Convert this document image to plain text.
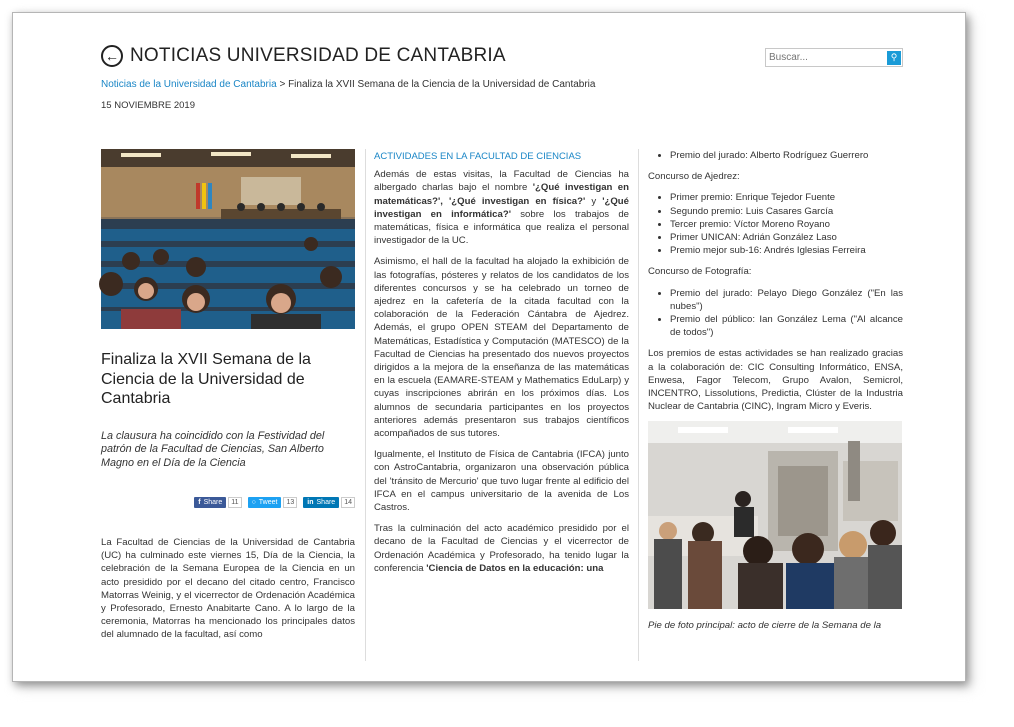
← NOTICIAS UNIVERSIDAD DE CANTABRIA
Buscar...	⚲
Noticias de la Universidad de Cantabria > Finaliza la XVII Semana de la Ciencia de la Universidad de Cantabria
15 NOVIEMBRE 2019
Finaliza la XVII Semana de la Ciencia de la Universidad de Cantabria
La clausura ha coincidido con la Festividad del patrón de la Facultad de Ciencias, San Alberto Magno en el Día de la Ciencia
f Share	11	○ Tweet	13	in Share	14
La Facultad de Ciencias de la Universidad de Cantabria (UC) ha culminado este viernes 15, Día de la Ciencia, la celebración de la Semana Europea de la Ciencia en un acto presidido por el decano del citado centro, Francisco Matorras Weinig, y el vicerrector de Ordenación Académica y Profesorado, Ernesto Anabitarte Cano. A lo largo de la ceremonia, Matorras ha mencionado los principales datos del alumnado de la facultad, así como
ACTIVIDADES EN LA FACULTAD DE CIENCIAS

Además de estas visitas, la Facultad de Ciencias ha albergado charlas bajo el nombre '¿Qué investigan en matemáticas?', '¿Qué investigan en física?' y '¿Qué investigan en informática?' sobre los trabajos de matemáticas, física e informática que realiza el personal investigador de la UC.

Asimismo, el hall de la facultad ha alojado la exhibición de las fotografías, pósteres y relatos de los candidatos de los diferentes concursos y se ha celebrado un torneo de ajedrez en la cafetería de la citada facultad con la colaboración de la Federación Cántabra de Ajedrez. Además, el grupo OPEN STEAM del Departamento de Matemáticas, Estadística y Computación (MATESCO) de la Facultad de Ciencias ha presentado dos nuevos proyectos dirigidos a la mejora de la enseñanza de las matemáticas en la escuela (EAMARE-STEAM y Mathematics EduLarp) y cuyas inscripciones abrirán en los próximos días. Los alumnos de secundaria participantes en los proyectos anteriores además presentaron sus trabajos científicos acompañados de sus tutores.

Igualmente, el Instituto de Física de Cantabria (IFCA) junto con AstroCantabria, organizaron una observación pública del 'tránsito de Mercurio' que tuvo lugar frente al edificio del IFCA en el campus universitario de la avenida de Los Castros.

Tras la culminación del acto académico presidido por el decano de la Facultad de Ciencias y el vicerrector de Ordenación Académica y Profesorado, ha tenido lugar la conferencia 'Ciencia de Datos en la educación: una

• Premio del jurado: Alberto Rodríguez Guerrero

Concurso de Ajedrez:

• Primer premio: Enrique Tejedor Fuente
• Segundo premio: Luis Casares García
• Tercer premio: Víctor Moreno Royano
• Primer UNICAN: Adrián González Laso
• Premio mejor sub-16: Andrés Iglesias Ferreira

Concurso de Fotografía:

• Premio del jurado: Pelayo Diego González ("En las nubes")
• Premio del público: Ian González Lema ("Al alcance de todos")

Los premios de estas actividades se han realizado gracias a la colaboración de: CIC Consulting Informático, ENSA, Enwesa, Fagor Telecom, Grupo Avalon, Semicrol, INCENTRO, Lissolutions, Predictia, Clúster de la Industria Nuclear de Cantabria (CINC), Ingram Micro y Everis.

Pie de foto principal: acto de cierre de la Semana de la
